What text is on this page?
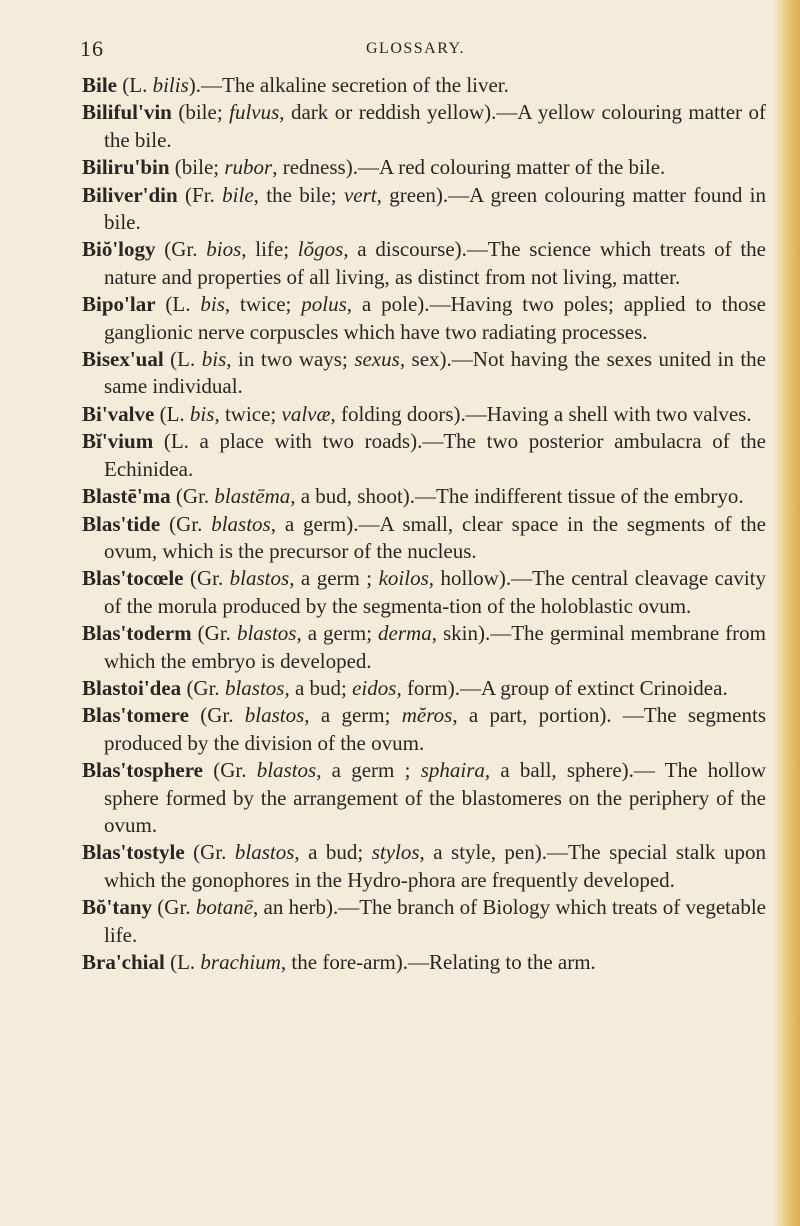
16	GLOSSARY.

Bile (L. bilis).—The alkaline secretion of the liver.

Biliful'vin (bile; fulvus, dark or reddish yellow).—A yellow colouring matter of the bile.

Biliru'bin (bile; rubor, redness).—A red colouring matter of the bile.

Biliver'din (Fr. bile, the bile; vert, green).—A green colouring matter found in bile.

Biŏ'logy (Gr. bios, life; lŏgos, a discourse).—The science which treats of the nature and properties of all living, as distinct from not living, matter.

Bipo'lar (L. bis, twice; polus, a pole).—Having two poles; applied to those ganglionic nerve corpuscles which have two radiating processes.

Bisex'ual (L. bis, in two ways; sexus, sex).—Not having the sexes united in the same individual.

Bi'valve (L. bis, twice; valvæ, folding doors).—Having a shell with two valves.

Bĭ'vium (L. a place with two roads).—The two posterior ambulacra of the Echinidea.

Blastē'ma (Gr. blastēma, a bud, shoot).—The indifferent tissue of the embryo.

Blas'tide (Gr. blastos, a germ).—A small, clear space in the segments of the ovum, which is the precursor of the nucleus.

Blas'tocœle (Gr. blastos, a germ ; koilos, hollow).—The central cleavage cavity of the morula produced by the segmenta-tion of the holoblastic ovum.

Blas'toderm (Gr. blastos, a germ; derma, skin).—The germinal membrane from which the embryo is developed.

Blastoi'dea (Gr. blastos, a bud; eidos, form).—A group of extinct Crinoidea.

Blas'tomere (Gr. blastos, a germ; mĕros, a part, portion). —The segments produced by the division of the ovum.

Blas'tosphere (Gr. blastos, a germ ; sphaira, a ball, sphere).— The hollow sphere formed by the arrangement of the blastomeres on the periphery of the ovum.

Blas'tostyle (Gr. blastos, a bud; stylos, a style, pen).—The special stalk upon which the gonophores in the Hydro-phora are frequently developed.

Bŏ'tany (Gr. botanē, an herb).—The branch of Biology which treats of vegetable life.

Bra'chial (L. brachium, the fore-arm).—Relating to the arm.
